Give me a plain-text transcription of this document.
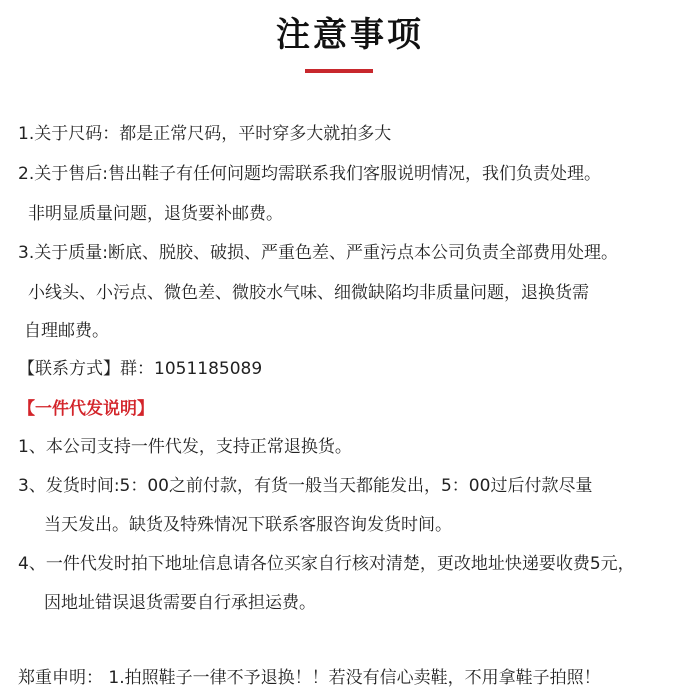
注意事项
1.关于尺码：都是正常尺码，平时穿多大就拍多大
2.关于售后:售出鞋子有任何问题均需联系我们客服说明情况，我们负责处理。
非明显质量问题，退货要补邮费。
3.关于质量:断底、脱胶、破损、严重色差、严重污点本公司负责全部费用处理。
小线头、小污点、微色差、微胶水气味、细微缺陷均非质量问题，退换货需
自理邮费。
【联系方式】群：1051185089
【一件代发说明】
1、本公司支持一件代发，支持正常退换货。
3、发货时间:5：00之前付款，有货一般当天都能发出，5：00过后付款尽量
当天发出。缺货及特殊情况下联系客服咨询发货时间。
4、一件代发时拍下地址信息请各位买家自行核对清楚，更改地址快递要收费5元，
因地址错误退货需要自行承担运费。
郑重申明： 1.拍照鞋子一律不予退换！！若没有信心卖鞋，不用拿鞋子拍照！
